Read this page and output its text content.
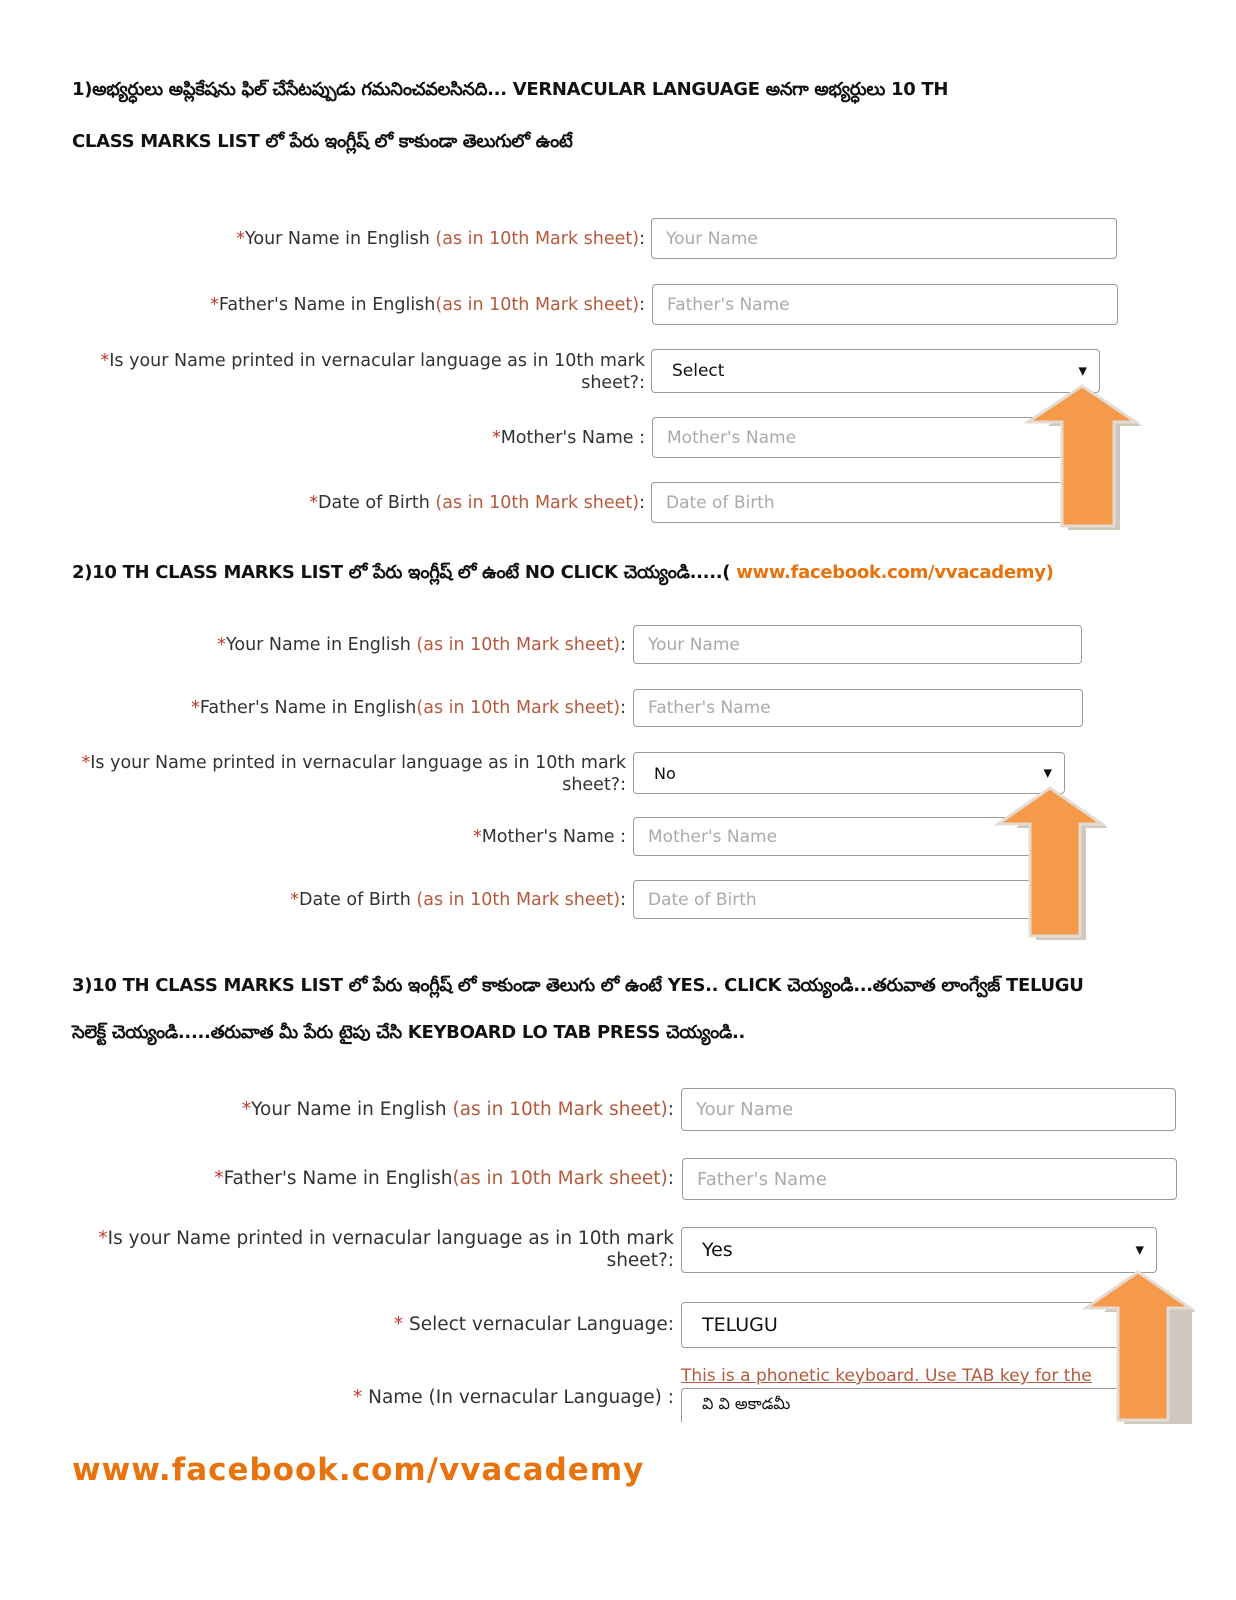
1)అభ్యర్ధులు అప్లికేషను ఫిల్ చేసేటప్పుడు గమనించవలసినది... VERNACULAR LANGUAGE అనగా అభ్యర్ధులు 10 TH
CLASS MARKS LIST లో పేరు ఇంగ్లీష్ లో కాకుండా తెలుగులో ఉంటే
*Your Name in English (as in 10th Mark sheet): Your Name
*Father's Name in English(as in 10th Mark sheet): Father's Name
*Is your Name printed in vernacular language as in 10th mark
sheet?:
Select	▼
*Mother's Name : Mother's Name
*Date of Birth (as in 10th Mark sheet): Date of Birth
2)10 TH CLASS MARKS LIST లో పేరు ఇంగ్లీష్ లో ఉంటే NO CLICK చెయ్యండి.....( www.facebook.com/vvacademy)
*Your Name in English (as in 10th Mark sheet): Your Name
*Father's Name in English(as in 10th Mark sheet): Father's Name
*Is your Name printed in vernacular language as in 10th mark
sheet?:
No	▼
*Mother's Name : Mother's Name
*Date of Birth (as in 10th Mark sheet): Date of Birth
3)10 TH CLASS MARKS LIST లో పేరు ఇంగ్లీష్ లో కాకుండా తెలుగు లో ఉంటే YES.. CLICK చెయ్యండి...తరువాత లాంగ్వేజ్ TELUGU
సెలెక్ట్ చెయ్యండి.....తరువాత మీ పేరు టైపు చేసి KEYBOARD LO TAB PRESS చెయ్యండి..
*Your Name in English (as in 10th Mark sheet): Your Name
*Father's Name in English(as in 10th Mark sheet): Father's Name
*Is your Name printed in vernacular language as in 10th mark
sheet?: Yes	▼
* Select vernacular Language: TELUGU
This is a phonetic keyboard. Use TAB key for the
* Name (In vernacular Language) : వి వి అకాడమీ
www.facebook.com/vvacademy
